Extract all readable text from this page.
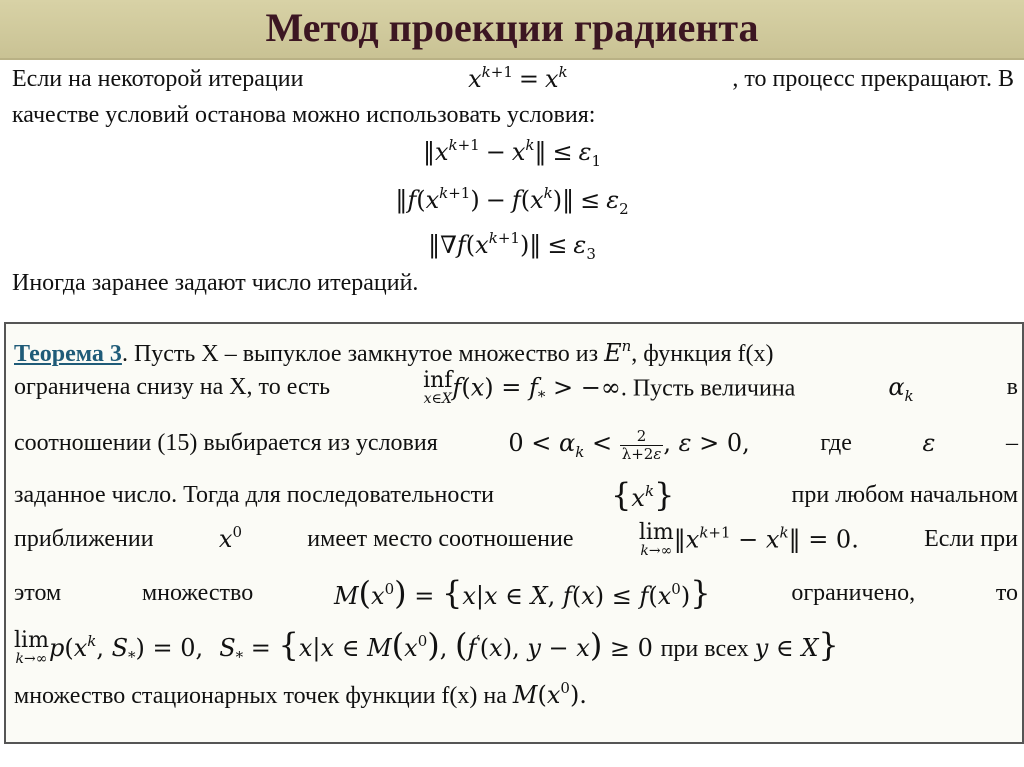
Метод проекции градиента
Если на некоторой итерации	$x^{k+1} = x^k$	, то процесс прекращают. В
качестве условий останова можно использовать условия:
$‖x^{k+1}$ − $x^k‖ \le \varepsilon_1$
$‖f(x^{k+1})$ − $f(x^k)‖ \le \varepsilon_2$
$‖\nabla f(x^{k+1})‖ \le \varepsilon_3$
Иногда заранее задают число итераций.
Теорема 3. Пусть X – выпуклое замкнутое множество из $E^n$, функция f(x)
ограничена снизу на X, то есть	inf
x∈X $f(x) = f_*$ > −∞. Пусть величина	$\alpha_k$	в
соотношении (15) выбирается из условия	$0 < \alpha_k < \frac{2}{\lambda+2\varepsilon}$ , ε > 0,	где	ε	–
заданное число. Тогда для последовательности	$\{x^k\}$	при любом начальном
приближении	$x^0$	имеет место соотношение	lim
k→∞ $‖x^{k+1}$ − $x^k‖ = 0$.	Если при
этом	множество	$M(x^0) = \{x|x$ ∈ X, $f(x) \le f(x^0)$}	ограничено,	то
lim
k→∞ $p(x^k$, $S_*) = 0$, $S_* = \{x|x$ ∈ $M(x^0)$, (f′(x), y − x) ≥ 0 при всех y ∈ X}
множество стационарных точек функции f(x) на $M(x^0)$.
